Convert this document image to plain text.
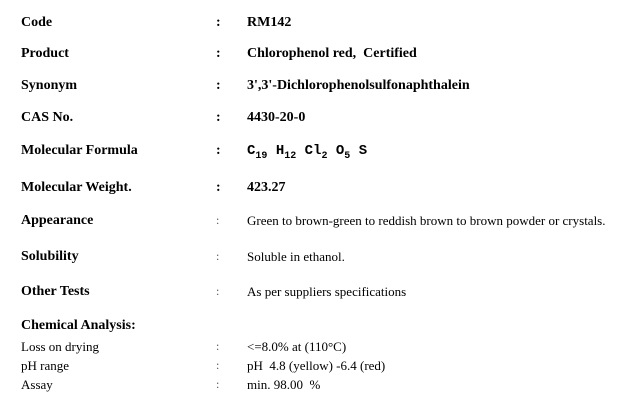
Code	: RM142
Product	: Chlorophenol red,  Certified
Synonym	: 3',3'-Dichlorophenolsulfonaphthalein
CAS No.	: 4430-20-0
Molecular Formula	: $C_{19}$ $H_{12}$ $Cl_2$ $O_5$ S
Molecular Weight.	: 423.27
Appearance	: Green to brown-green to reddish brown to brown powder or crystals.
Solubility	: Soluble in ethanol.
Other Tests	: As per suppliers specifications
Chemical Analysis:
Loss on drying	: <=8.0% at (110°C)
pH range	: pH  4.8 (yellow) -6.4 (red)
Assay	: min. 98.00  %
